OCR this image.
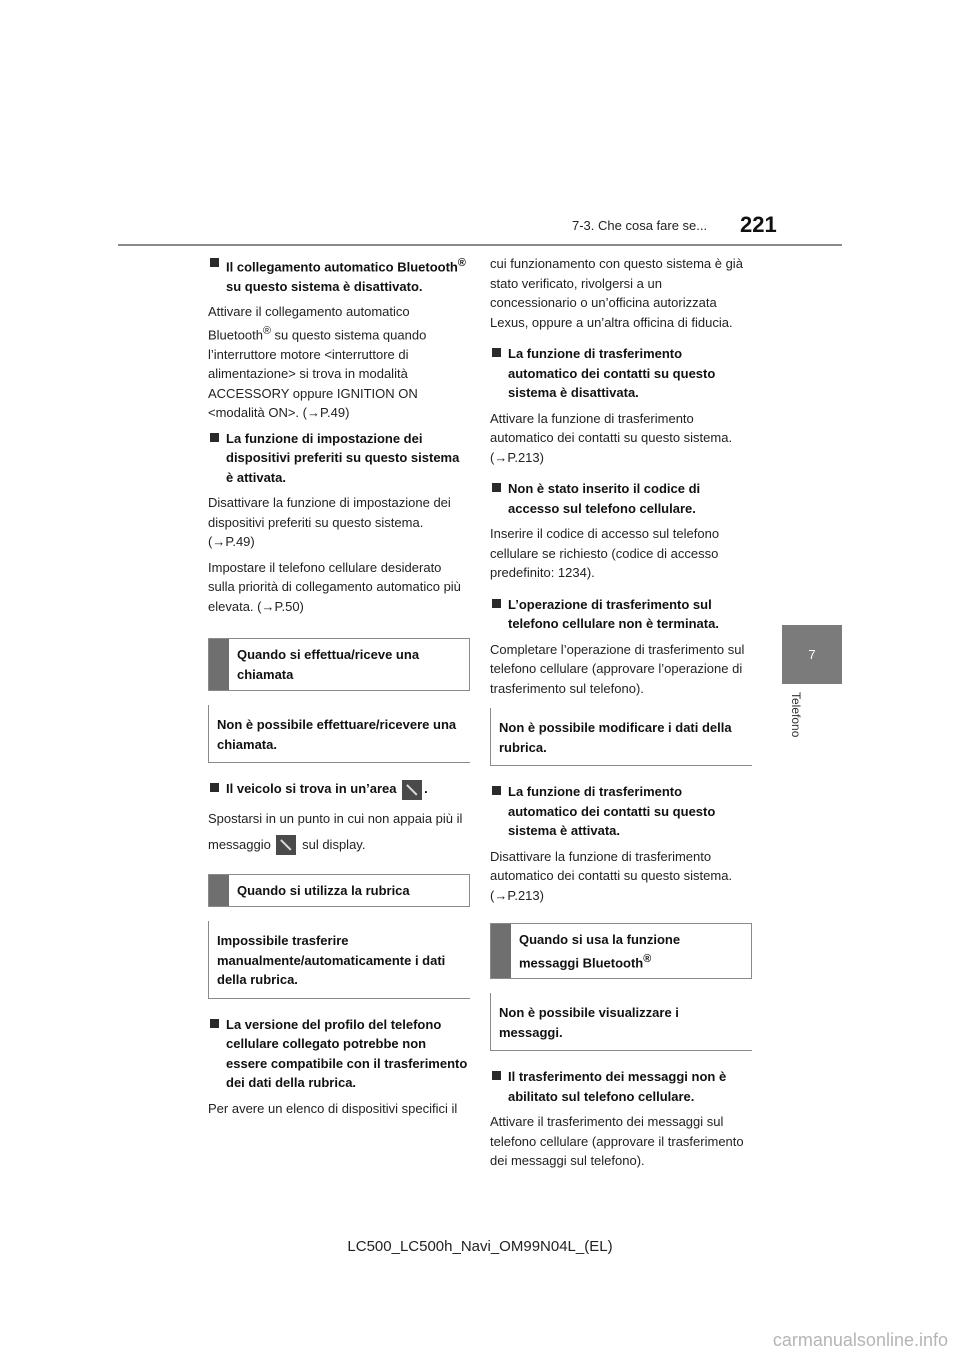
7-3. Che cosa fare se... 221
7
Telefono
Il collegamento automatico Bluetooth® su questo sistema è disattivato.
Attivare il collegamento automatico Bluetooth® su questo sistema quando l’interruttore motore <interruttore di alimentazione> si trova in modalità ACCESSORY oppure IGNITION ON <modalità ON>. (→P.49)
La funzione di impostazione dei dispositivi preferiti su questo sistema è attivata.
Disattivare la funzione di impostazione dei dispositivi preferiti su questo sistema.
(→P.49)
Impostare il telefono cellulare desiderato sulla priorità di collegamento automatico più elevata. (→P.50)
Quando si effettua/riceve una chiamata
Non è possibile effettuare/ricevere una chiamata.
Il veicolo si trova in un’area .
Spostarsi in un punto in cui non appaia più il messaggio  sul display.
Quando si utilizza la rubrica
Impossibile trasferire manualmente/automaticamente i dati della rubrica.
La versione del profilo del telefono cellulare collegato potrebbe non essere compatibile con il trasferimento dei dati della rubrica.
Per avere un elenco di dispositivi specifici il
cui funzionamento con questo sistema è già stato verificato, rivolgersi a un concessionario o un’officina autorizzata Lexus, oppure a un’altra officina di fiducia.
La funzione di trasferimento automatico dei contatti su questo sistema è disattivata.
Attivare la funzione di trasferimento automatico dei contatti su questo sistema.
(→P.213)
Non è stato inserito il codice di accesso sul telefono cellulare.
Inserire il codice di accesso sul telefono cellulare se richiesto (codice di accesso predefinito: 1234).
L’operazione di trasferimento sul telefono cellulare non è terminata.
Completare l’operazione di trasferimento sul telefono cellulare (approvare l’operazione di trasferimento sul telefono).
Non è possibile modificare i dati della rubrica.
La funzione di trasferimento automatico dei contatti su questo sistema è attivata.
Disattivare la funzione di trasferimento automatico dei contatti su questo sistema.
(→P.213)
Quando si usa la funzione messaggi Bluetooth®
Non è possibile visualizzare i messaggi.
Il trasferimento dei messaggi non è abilitato sul telefono cellulare.
Attivare il trasferimento dei messaggi sul telefono cellulare (approvare il trasferimento dei messaggi sul telefono).
LC500_LC500h_Navi_OM99N04L_(EL)
carmanualsonline.info
